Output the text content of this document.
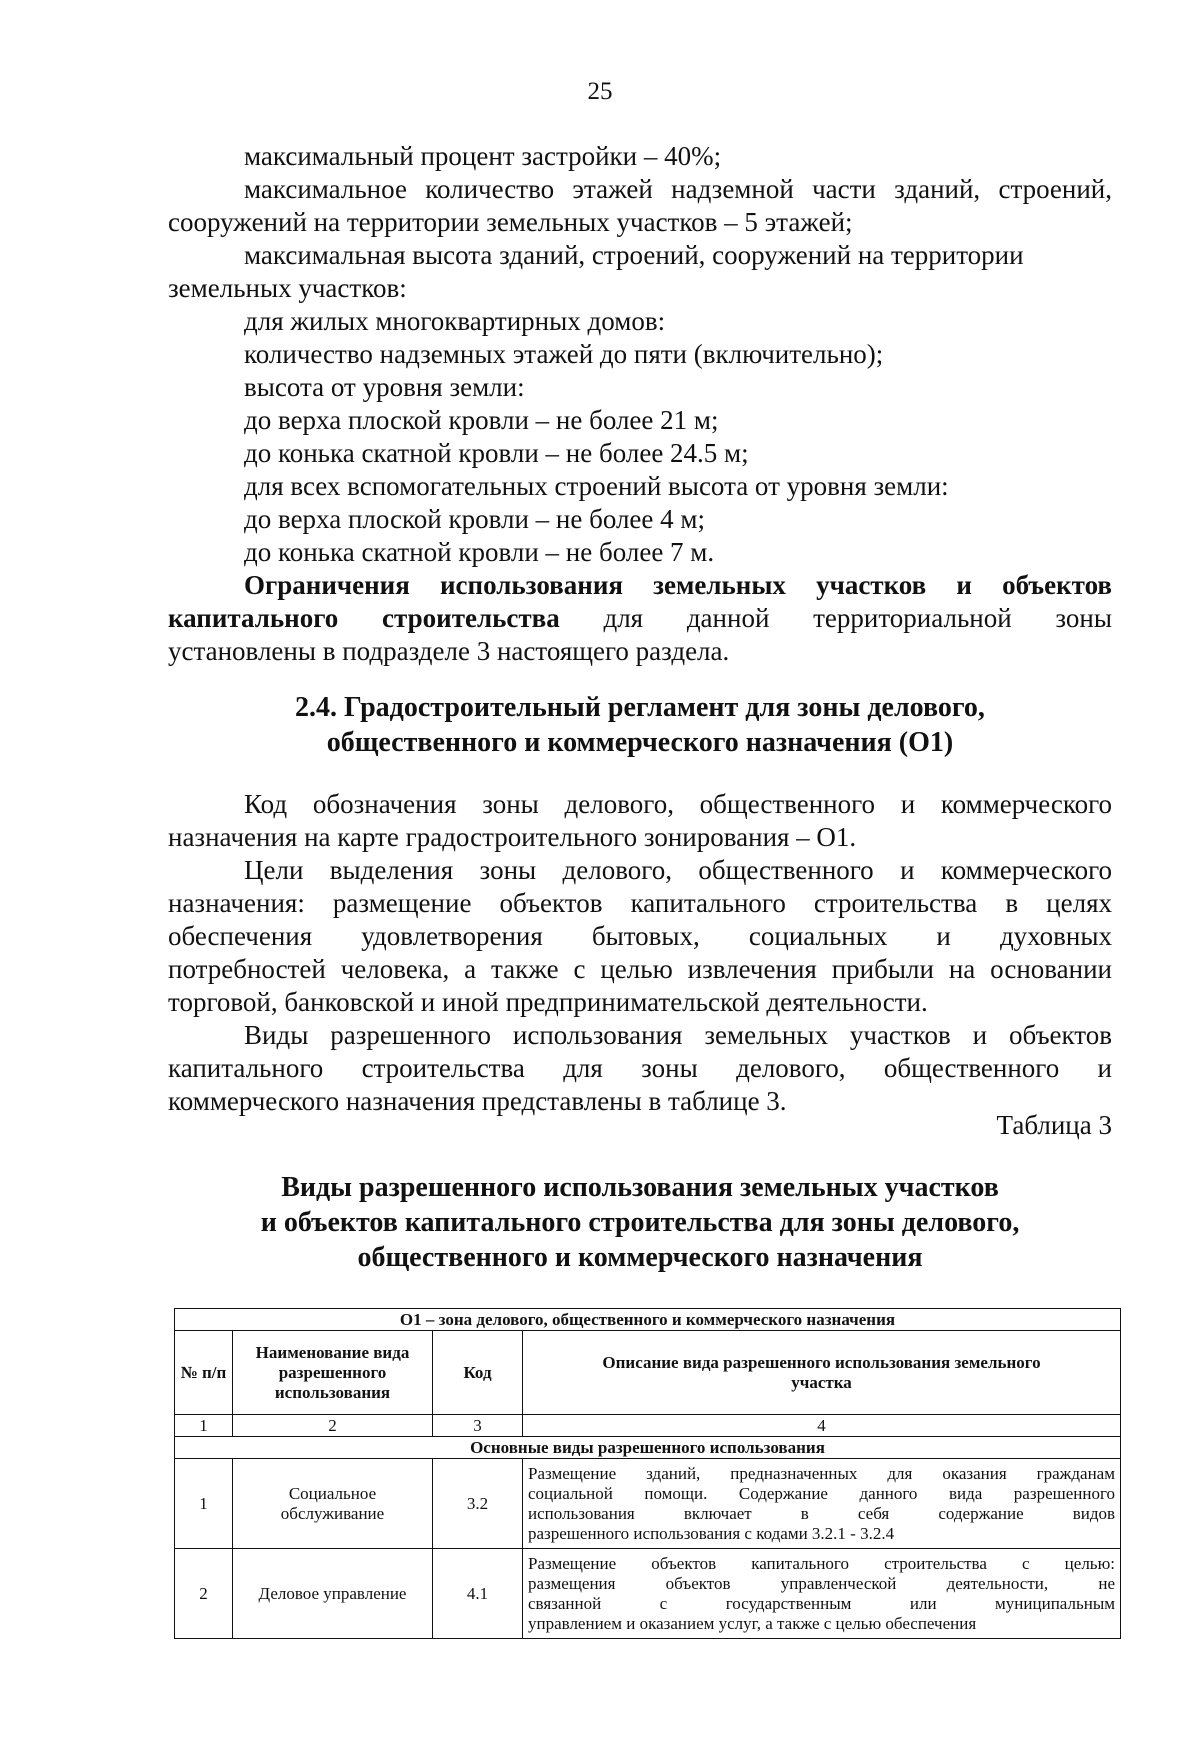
25
максимальный процент застройки – 40%;
максимальное количество этажей надземной части зданий, строений,
сооружений на территории земельных участков – 5 этажей;
максимальная высота зданий, строений, сооружений на территории
земельных участков:
для жилых многоквартирных домов:
количество надземных этажей до пяти (включительно);
высота от уровня земли:
до верха плоской кровли – не более 21 м;
до конька скатной кровли – не более 24.5 м;
для всех вспомогательных строений высота от уровня земли:
до верха плоской кровли – не более 4 м;
до конька скатной кровли – не более 7 м.
Ограничения использования земельных участков и объектов
капитального строительства для данной территориальной зоны
установлены в подразделе 3 настоящего раздела.
2.4. Градостроительный регламент для зоны делового,
общественного и коммерческого назначения (О1)
Код обозначения зоны делового, общественного и коммерческого
назначения на карте градостроительного зонирования – О1.
Цели выделения зоны делового, общественного и коммерческого
назначения: размещение объектов капитального строительства в целях
обеспечения удовлетворения бытовых, социальных и духовных
потребностей человека, а также с целью извлечения прибыли на основании
торговой, банковской и иной предпринимательской деятельности.
Виды разрешенного использования земельных участков и объектов
капитального строительства для зоны делового, общественного и
коммерческого назначения представлены в таблице 3.
Таблица 3
Виды разрешенного использования земельных участков
и объектов капитального строительства для зоны делового,
общественного и коммерческого назначения
О1 – зона делового, общественного и коммерческого назначения			
№ п/п	Наименование вида разрешенного использования	Код	Описание вида разрешенного использования земельного участка
1	2	3	4
Основные виды разрешенного использования			
1	Социальное обслуживание	3.2	Размещение зданий, предназначенных для оказания гражданам
социальной помощи. Содержание данного вида разрешенного
использования включает в себя содержание видов
разрешенного использования с кодами 3.2.1 - 3.2.4

2	Деловое управление	4.1	Размещение объектов капитального строительства с целью:
размещения объектов управленческой деятельности, не
связанной с государственным или муниципальным
управлением и оказанием услуг, а также с целью обеспечения
